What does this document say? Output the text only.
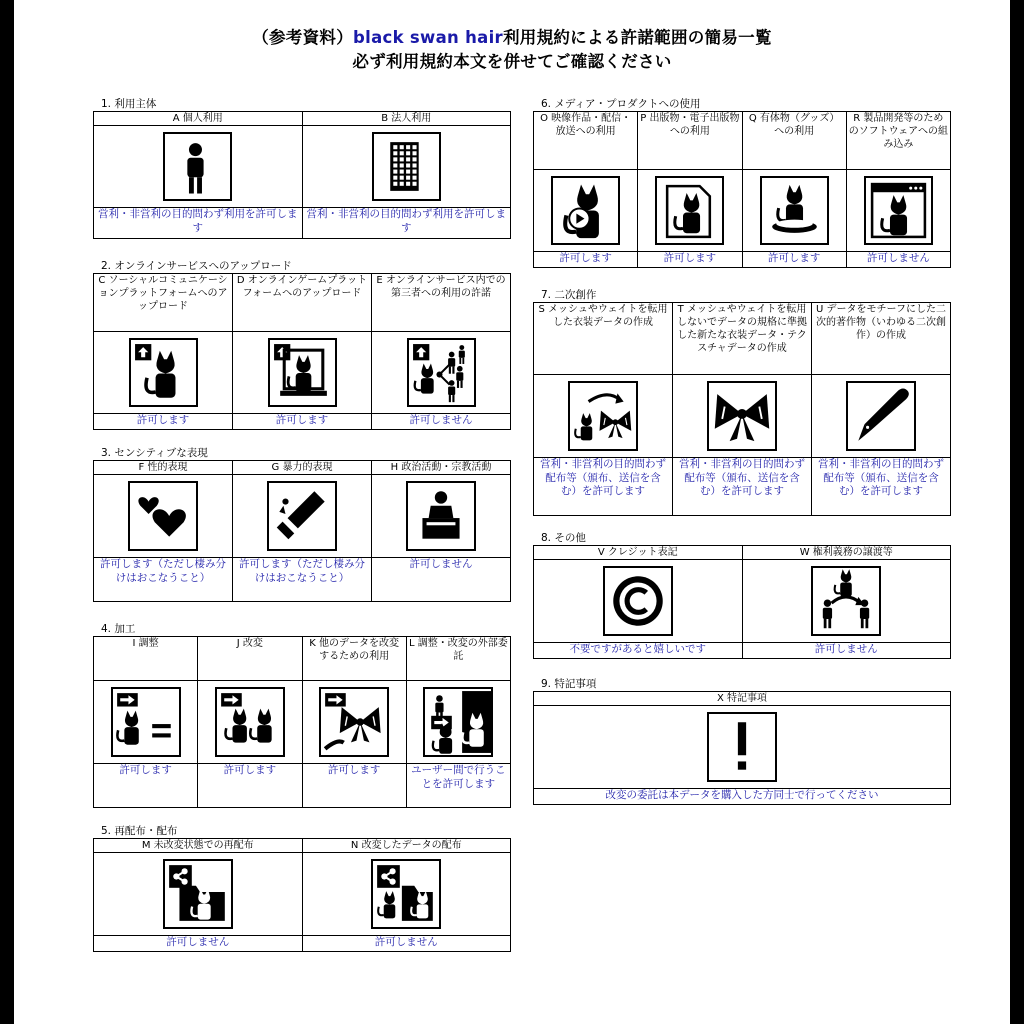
（参考資料）black swan hair利用規約による許諾範囲の簡易一覧
必ず利用規約本文を併せてご確認ください
1. 利用主体
A 個人利用	B 法人利用

営利・非営利の目的問わず利用を許可します	営利・非営利の目的問わず利用を許可します
2. オンラインサービスへのアップロード
C ソーシャルコミュニケーションプラットフォームへのアップロード	D オンラインゲームプラットフォームへのアップロード	E オンラインサービス内での第三者への利用の許諾

許可します	許可します	許可しません
3. センシティブな表現
F 性的表現	G 暴力的表現	H 政治活動・宗教活動

許可します（ただし棲み分けはおこなうこと）	許可します（ただし棲み分けはおこなうこと）	許可しません
4. 加工
I 調整	J 改変	K 他のデータを改変するための利用	L 調整・改変の外部委託

許可します	許可します	許可します	ユーザー間で行うことを許可します
5. 再配布・配布
M 未改変状態での再配布	N 改変したデータの配布

許可しません	許可しません
6. メディア・プロダクトへの使用
O 映像作品・配信・放送への利用	P 出版物・電子出版物への利用	Q 有体物（グッズ）への利用	R 製品開発等のためのソフトウェアへの組み込み

許可します	許可します	許可します	許可しません
7. 二次創作
S メッシュやウェイトを転用した衣装データの作成	T メッシュやウェイトを転用しないでデータの規格に準拠した新たな衣装データ・テクスチャデータの作成	U データをモチーフにした二次的著作物（いわゆる二次創作）の作成

営利・非営利の目的問わず配布等（頒布、送信を含む）を許可します	営利・非営利の目的問わず配布等（頒布、送信を含む）を許可します	営利・非営利の目的問わず配布等（頒布、送信を含む）を許可します
8. その他
V クレジット表記	W 権利義務の譲渡等

不要ですがあると嬉しいです	許可しません
9. 特記事項
X 特記事項

改変の委託は本データを購入した方同士で行ってください
